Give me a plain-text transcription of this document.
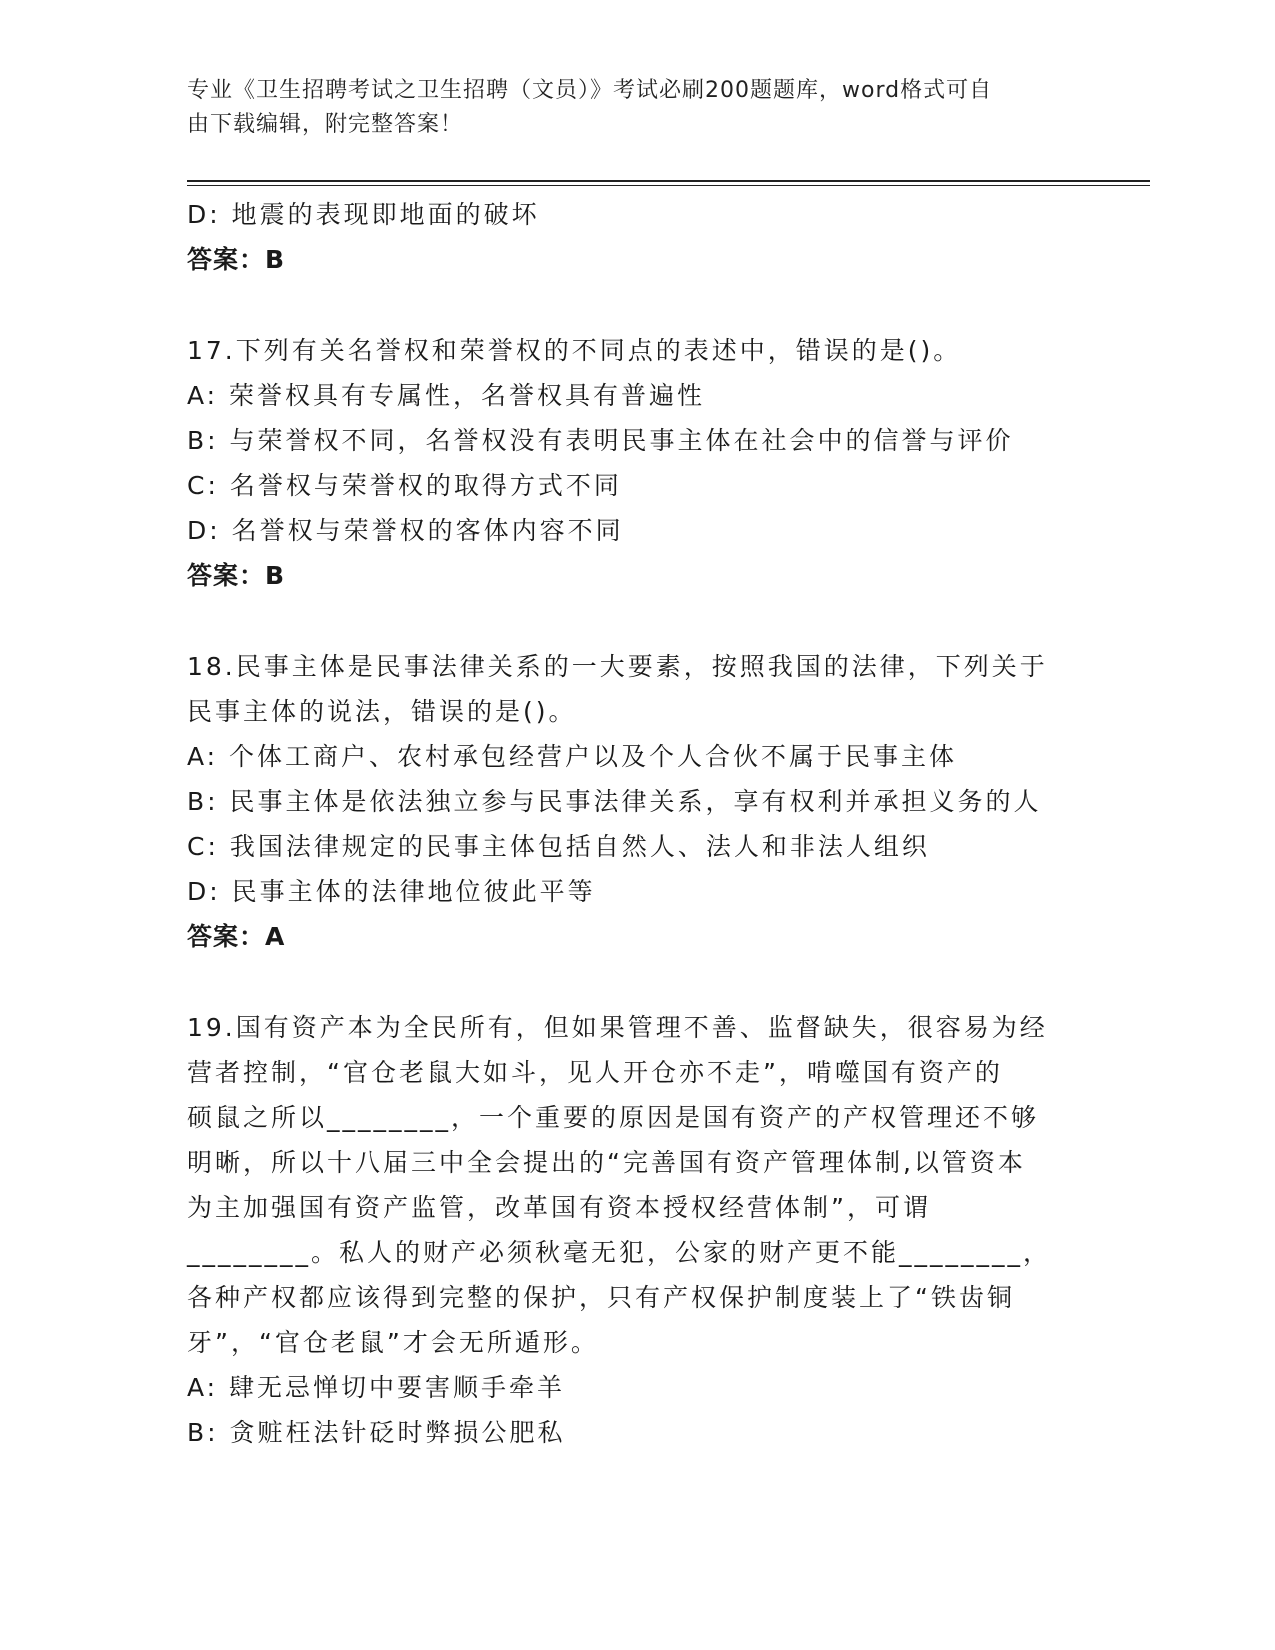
专业《卫生招聘考试之卫生招聘（文员）》考试必刷200题题库，word格式可自
由下载编辑，附完整答案！
D: 地震的表现即地面的破坏
答案：B
17.下列有关名誉权和荣誉权的不同点的表述中，错误的是()。
A: 荣誉权具有专属性，名誉权具有普遍性
B: 与荣誉权不同，名誉权没有表明民事主体在社会中的信誉与评价
C: 名誉权与荣誉权的取得方式不同
D: 名誉权与荣誉权的客体内容不同
答案：B
18.民事主体是民事法律关系的一大要素，按照我国的法律，下列关于
民事主体的说法，错误的是()。
A: 个体工商户、农村承包经营户以及个人合伙不属于民事主体
B: 民事主体是依法独立参与民事法律关系，享有权利并承担义务的人
C: 我国法律规定的民事主体包括自然人、法人和非法人组织
D: 民事主体的法律地位彼此平等
答案：A
19.国有资产本为全民所有，但如果管理不善、监督缺失，很容易为经
营者控制，“官仓老鼠大如斗，见人开仓亦不走”，啃噬国有资产的
硕鼠之所以________，一个重要的原因是国有资产的产权管理还不够
明晰，所以十八届三中全会提出的“完善国有资产管理体制,以管资本
为主加强国有资产监管，改革国有资本授权经营体制”，可谓
________。私人的财产必须秋毫无犯，公家的财产更不能________，
各种产权都应该得到完整的保护，只有产权保护制度装上了“铁齿铜
牙”，“官仓老鼠”才会无所遁形。
A: 肆无忌惮切中要害顺手牵羊
B: 贪赃枉法针砭时弊损公肥私
